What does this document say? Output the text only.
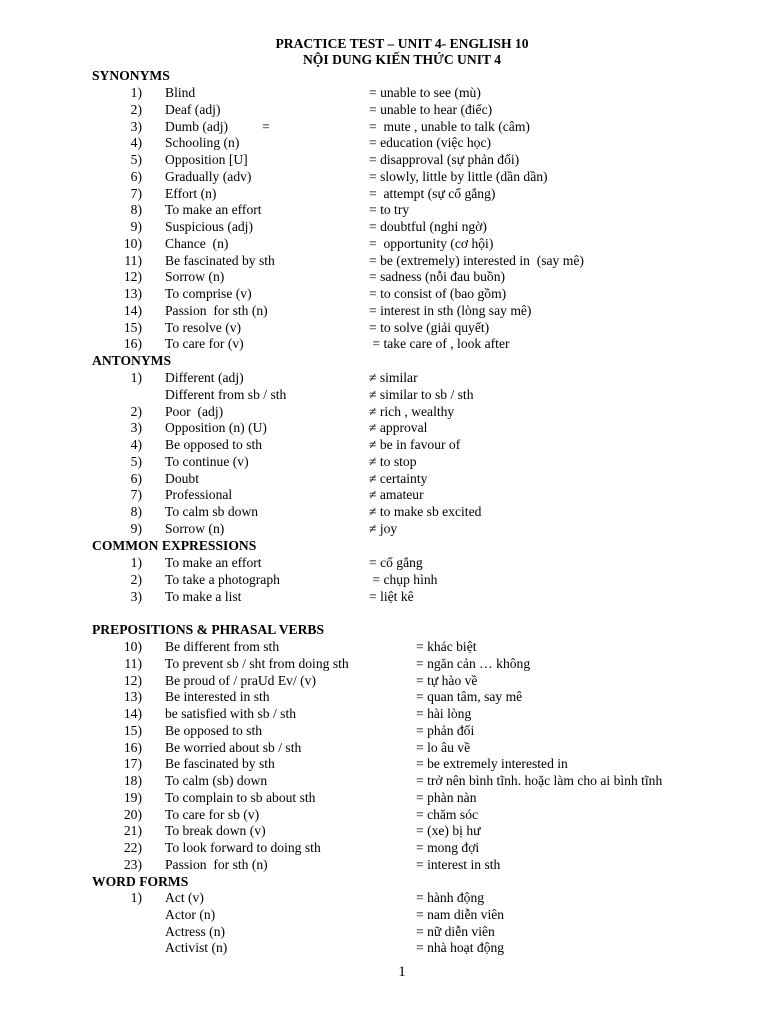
PRACTICE TEST – UNIT 4- ENGLISH 10
NỘI DUNG KIẾN THỨC UNIT 4
SYNONYMS
1) Blind	= unable to see (mù)
2) Deaf (adj)	= unable to hear (điếc)
3) Dumb (adj)          =	=  mute , unable to talk (câm)
4) Schooling (n)	= education (việc học)
5) Opposition [U]	= disapproval (sự phản đối)
6) Gradually (adv)	= slowly, little by little (dần dần)
7) Effort (n)	=  attempt (sự cố gắng)
8) To make an effort	= to try
9) Suspicious (adj)	= doubtful (nghi ngờ)
10) Chance  (n)	=  opportunity (cơ hội)
11) Be fascinated by sth	= be (extremely) interested in  (say mê)
12) Sorrow (n)	= sadness (nỗi đau buồn)
13) To comprise (v)	= to consist of (bao gồm)
14) Passion  for sth (n)	= interest in sth (lòng say mê)
15) To resolve (v)	= to solve (giải quyết)
16) To care for (v)	= take care of , look after
ANTONYMS
1) Different (adj)	≠ similar
Different from sb / sth	≠ similar to sb / sth
2) Poor  (adj)	≠ rich , wealthy
3) Opposition (n) (U)	≠ approval
4) Be opposed to sth	≠ be in favour of
5) To continue (v)	≠ to stop
6) Doubt	≠ certainty
7) Professional	≠ amateur
8) To calm sb down	≠ to make sb excited
9) Sorrow (n)	≠ joy
COMMON EXPRESSIONS
1) To make an effort	= cố gắng
2) To take a photograph	= chụp hình
3) To make a list	= liệt kê
PREPOSITIONS & PHRASAL VERBS
10) Be different from sth	= khác biệt
11) To prevent sb / sht from doing sth	= ngăn cản … không
12) Be proud of / praUd Ev/ (v)	= tự hào về
13) Be interested in sth	= quan tâm, say mê
14) be satisfied with sb / sth	= hài lòng
15) Be opposed to sth	= phản đối
16) Be worried about sb / sth	= lo âu về
17) Be fascinated by sth	= be extremely interested in
18) To calm (sb) down	= trở nên bình tĩnh. hoặc làm cho ai bình tĩnh
19) To complain to sb about sth	= phàn nàn
20) To care for sb (v)	= chăm sóc
21) To break down (v)	= (xe) bị hư
22) To look forward to doing sth	= mong đợi
23) Passion  for sth (n)	= interest in sth
WORD FORMS
1) Act (v)	= hành động
Actor (n)	= nam diễn viên
Actress (n)	= nữ diễn viên
Activist (n)	= nhà hoạt động
1
